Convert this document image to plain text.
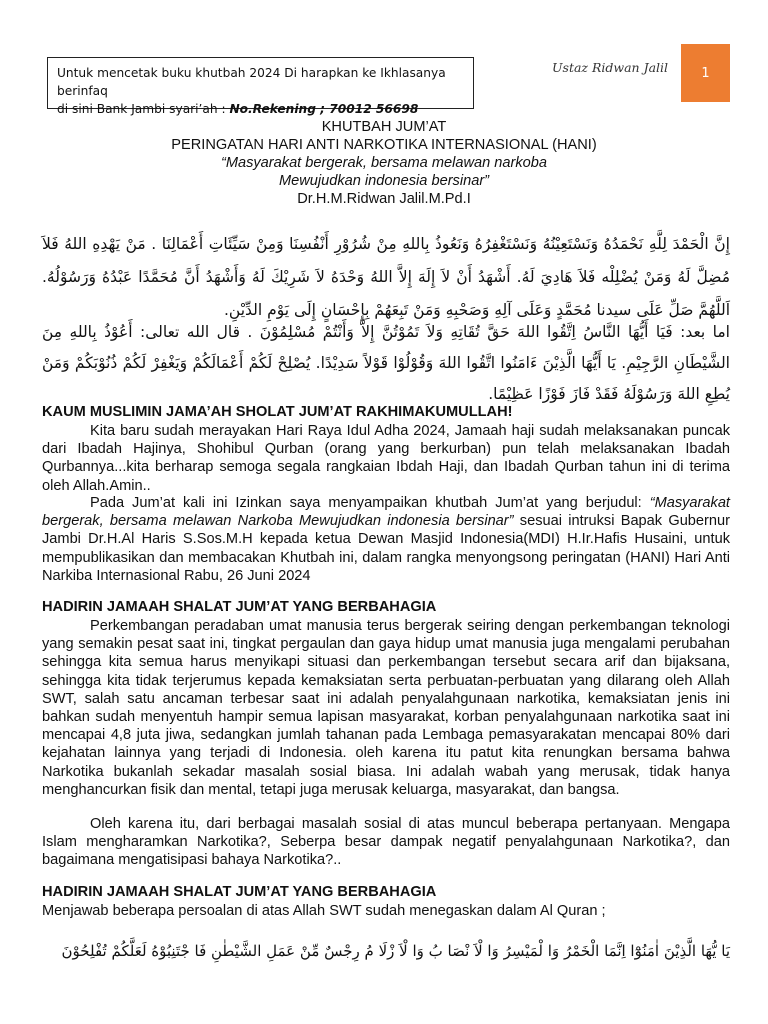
Untuk mencetak buku khutbah 2024 Di harapkan ke Ikhlasanya berinfaq
di sini Bank Jambi syari’ah : No.Rekening ; 70012 56698
Ustaz Ridwan Jalil	1
KHUTBAH JUM’AT
PERINGATAN HARI ANTI NARKOTIKA INTERNASIONAL (HANI)
“Masyarakat bergerak, bersama melawan narkoba
Mewujudkan indonesia bersinar”
Dr.H.M.Ridwan Jalil.M.Pd.I
إِنَّ الْحَمْدَ لِلَّهِ نَحْمَدُهُ وَنَسْتَعِيْنُهُ وَنَسْتَغْفِرُهُ وَنَعُوذُ بِاللهِ مِنْ شُرُوْرِ أَنْفُسِنَا وَمِنْ سَيِّئَاتِ أَعْمَالِنَا . مَنْ يَهْدِهِ اللهُ فَلاَ مُضِلَّ لَهُ وَمَنْ يُضْلِلْه فَلاَ هَادِيَ لَهُ. أَشْهَدُ أَنْ لاَ إِلَهَ إِلاَّ اللهُ وَحْدَهُ لاَ شَرِيْكَ لَهُ وَأَشْهَدُ أَنَّ مُحَمَّدًا عَبْدُهُ وَرَسُوْلُهُ. اَللَّهُمَّ صَلِّ عَلَى سيدنا مُحَمَّدٍ وَعَلَى آلِهِ وَصَحْبِهِ وَمَنْ تَبِعَهُمْ بِإِحْسَانٍ إِلَى يَوْمِ الدِّيْنِ.
اما بعد: فَيَا أَيُّهَا النَّاسُ اِتَّقُوا اللهَ حَقَّ تُقَاتِهِ وَلاَ تَمُوْتُنَّ إِلاَّ وَأَنْتُمْ مُسْلِمُوْنَ . قال الله تعالى: أَعُوْذُ بِاللهِ مِنَ الشَّيْطَانِ الرَّجِيْمِ. يَا أَيُّهَا الَّذِيْنَ ءَامَنُوا اتَّقُوا اللهَ وَقُوْلُوْا قَوْلاً سَدِيْدًا. يُصْلِحْ لَكُمْ أَعْمَالَكُمْ وَيَغْفِرْ لَكُمْ ذُنُوْبَكُمْ وَمَنْ يُطِعِ اللهَ وَرَسُوْلَهُ فَقَدْ فَازَ فَوْزًا عَظِيْمًا.
KAUM MUSLIMIN JAMA’AH SHOLAT JUM’AT RAKHIMAKUMULLAH!
Kita baru sudah merayakan Hari Raya Idul Adha 2024, Jamaah haji sudah melaksanakan puncak dari Ibadah Hajinya, Shohibul Qurban (orang yang berkurban) pun telah melaksanakan Ibadah Qurbannya...kita berharap semoga segala rangkaian Ibdah Haji, dan Ibadah Qurban tahun ini di terima oleh Allah.Amin..
Pada Jum’at kali ini Izinkan saya menyampaikan khutbah Jum’at yang berjudul: “Masyarakat bergerak, bersama melawan Narkoba Mewujudkan indonesia bersinar” sesuai intruksi Bapak Gubernur Jambi Dr.H.Al Haris S.Sos.M.H kepada ketua Dewan Masjid Indonesia(MDI) H.Ir.Hafis Husaini, untuk mempublikasikan dan membacakan Khutbah ini, dalam rangka menyongsong peringatan (HANI) Hari Anti Narkiba Internasional Rabu, 26 Juni 2024
HADIRIN JAMAAH SHALAT JUM’AT YANG BERBAHAGIA
Perkembangan peradaban umat manusia terus bergerak seiring dengan perkembangan teknologi yang semakin pesat saat ini, tingkat pergaulan dan gaya hidup umat manusia juga mengalami perubahan sehingga kita semua harus menyikapi situasi dan perkembangan tersebut secara arif dan bijaksana, sehingga kita tidak terjerumus kepada kemaksiatan serta perbuatan-perbuatan yang dilarang oleh Allah SWT, salah satu ancaman terbesar saat ini adalah penyalahgunaan narkotika, kemaksiatan jenis ini bahkan sudah menyentuh hampir semua lapisan masyarakat, korban penyalahgunaan narkotika saat ini mencapai 4,8 juta jiwa, sedangkan jumlah tahanan pada Lembaga pemasyarakatan mencapai 80% dari kejahatan lainnya yang terjadi di Indonesia. oleh karena itu patut kita renungkan bersama bahwa Narkotika bukanlah sekadar masalah sosial biasa. Ini adalah wabah yang merusak, tidak hanya menghancurkan fisik dan mental, tetapi juga merusak keluarga, masyarakat, dan bangsa.
Oleh karena itu, dari berbagai masalah sosial di atas muncul beberapa pertanyaan. Mengapa Islam mengharamkan Narkotika?, Seberpa besar dampak negatif penyalahgunaan Narkotika?, dan bagaimana mengatisipasi bahaya Narkotika?..
HADIRIN JAMAAH SHALAT JUM’AT YANG BERBAHAGIA
Menjawab beberapa persoalan di atas Allah SWT sudah menegaskan dalam Al Quran ;
يَا يُّهَا الَّذِيْنَ اٰمَنُوْٓا اِنَّمَا الْخَمْرُ وَا لْمَيْسِرُ وَا لْاَ نْصَا بُ وَا لْاَ زْلَا مُ رِجْسٌ مِّنْ عَمَلِ الشَّيْطٰنِ فَا جْتَنِبُوْهُ لَعَلَّكُمْ تُفْلِحُوْنَ
